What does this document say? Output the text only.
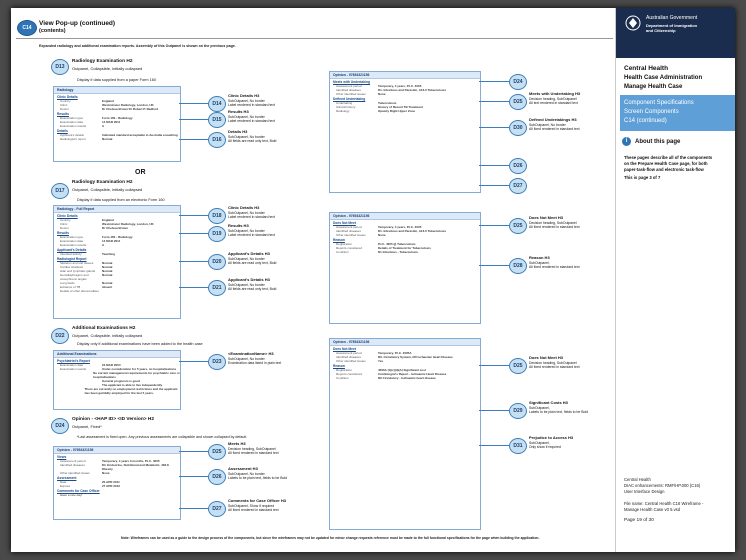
C14
View Pop-up (continued)
(contents)
Expanded radiology and additional examination reports. Assembly of this Outpanel is shown on the previous page.
D13
Radiology Examination H2
Outpanel, Collapsible, initially collapsed
Display if data supplied from a paper Form 160
Radiology
Clinic Details
Country	England
Clinic	Westminster Radiology, London, UK
Doctor	Dr Chelsea Brown Dr Robert P. Radford
Results
Examination type	Form 160 - Radiology
Examination date	14 MAR 2011
Examination results	A
Details
Applicant's details	Indicated standard acceptable in Australia a teaching
Radiologist's report	Normal
OR
D17
Radiology Examination H2
Outpanel, Collapsible, initially collapsed
Display if data supplied from an electronic Form 160
Radiology - Full Report
Clinic Details
Country	England
Clinic	Westminster Radiology, London, UK
Doctor	Dr Chelsea Brown
Results
Examination type	Form 160 - Radiology
Examination date	14 MAR 2011
Examination results	A
Applicant's Details
Intended activity	Teaching
Radiologist Report
Skeleton and soft tissues	Normal
Cardiac shadows	Normal
Hilar and lymphatic glands	Normal
Hemidiaphragms and costophrenic angles
Normal
Lung fields	Normal
Evidence of TB	Absent
Details of other abnormalities
D22
Additional Examinations H2
Outpanel, Collapsible, initially collapsed
Display only if additional examinations have been added to the health case
Additional Examinations
Psychiatrist's Report
Examination date	24 MAR 2004
Examination results	Under consideration for 5 years, no hospitalisations
No current management requirements for psychiatric care or hospitalisations
General prognosis is good
The applicant is able to live independently
There are currently no employment restrictions and the applicant has been gainfully employed for the last 5 years.
D24
Opinion - <HAP ID> <ID Version> H2
Outpanel, Fixed*
*Last assessment is fixed open. Any previous assessments are collapsible and shown collapsed by default.
Opinion - 97654321156
Views
Assessment period	Temporary, 4 years 3 months, P.I.C. 4005
Identified diseases	D4. Endocrine, Nutritional and Metabolic, 436.8 Obesity
Other identified issues	None
Assessment
Date	20 APR 2011
Expires	27 APR 2012
Comments for Case Officer
Have a nice day!
D14
Clinic Details H3
SubOutpanel, No border
Label rendered in standard text
D15
Results H3
SubOutpanel, No border
Label rendered in standard text
D16
Details H3
SubOutpanel, No border
All fields are read only text, Bold
D18
Clinic Details H3
SubOutpanel, No border
Label rendered in standard text
D19
Results H3
SubOutpanel, No border
Label rendered in standard text
D20
Applicant's Details H3
SubOutpanel, No border
All fields are read only text, Bold
D21
Applicant's Details H3
SubOutpanel, No border
All fields are read only text, Bold
D23
<ExaminationName> H3
SubOutpanel, No border
Examination data listed in plain text
D25
Meets H3
Decision heading, SubOutpanel
All fixed rendered in standard text
D26
Assessment H3
SubOutpanel, No border
Labels to be plain text, fields to be Bold
D27
Comments for Case Officer H3
SubOutpanel, Show if required
All fixed rendered in standard text
Opinion - 97654321156
Meets with Undertaking
Assessment period	Temporary, 4 years, P.I.C. 4005
Identified diseases	D1. Infectious and Parasitic, A16.0 Tuberculosis
Other identified issues	None
Defined Undertaking
Undertaking	Tuberculosis
Clinical history	History of Recent TB Treatment
Radiology	Opacity Right Upper Zone
Opinion - 97654321156
Does Not Meet
Assessment period	Temporary, 4 years, P.I.C. 4005
Identified diseases	D1. Infectious and Parasitic, A16.0 Tuberculosis
Other identified issues	None
Reason
Registration	P.I.C. 4005 (j) Tuberculosis
Reports considered	Details of Treatment for Tuberculosis
Condition	D1 Infectious - Tuberculosis
Opinion - 97654321156
Does Not Meet
Assessment period	Temporary, P.I.C. 4005A
Identified diseases	D9. Circulatory System, I20 Ischaemic Heart Disease
Other identified issues	Yes
Reason
Registration	4006A (1)(c)(ii)(A) Significant cost
Reports considered	Cardiologist's Report - Ischaemic Heart Disease
Condition	D9 Circulatory - Ischaemic heart disease
D24
D25
Meets with Undertaking H3
Decision heading, SubOutpanel
All text rendered in standard text
D30
Defined Undertakings H3
SubOutpanel, No border
All fixed rendered in standard text
D26
D27
D25
Does Not Meet H3
Decision heading, SubOutpanel
All fixed rendered in standard text
D28
Reason H3
SubOutpanel,
All fixed rendered in standard text
D25
Does Not Meet H3
Decision heading, SubOutpanel
All fixed rendered in standard text
D29
Significant Costs H3
SubOutpanel,
Labels to be plain text, fields to be Bold
D31
Prejudice to Access H3
SubOutpanel,
Only show if required
Note: Wireframes can be used as a guide to the design process of the components, but since the wireframes may not be updated for minor change requests reference must be made to the full functional specifications for the page when building the application.
Australian Government
Department of Immigration
and Citizenship
Central Health
Health Case Administration
Manage Health Case
Component Specifications
Screen Components
C14 (continued)
i	About this page
These pages describe all of the components
on the Prepare Health Case page, for both
paper-task-flow and electronic task-flow
This is page 3 of 7
Central Health
DIAC enhancements: RMF/HP.000 (C16)
User Interface Design
File name: Central Health C16 Wireframe -
Manage Health Case v0 5.vsd
Page 19 of 30
